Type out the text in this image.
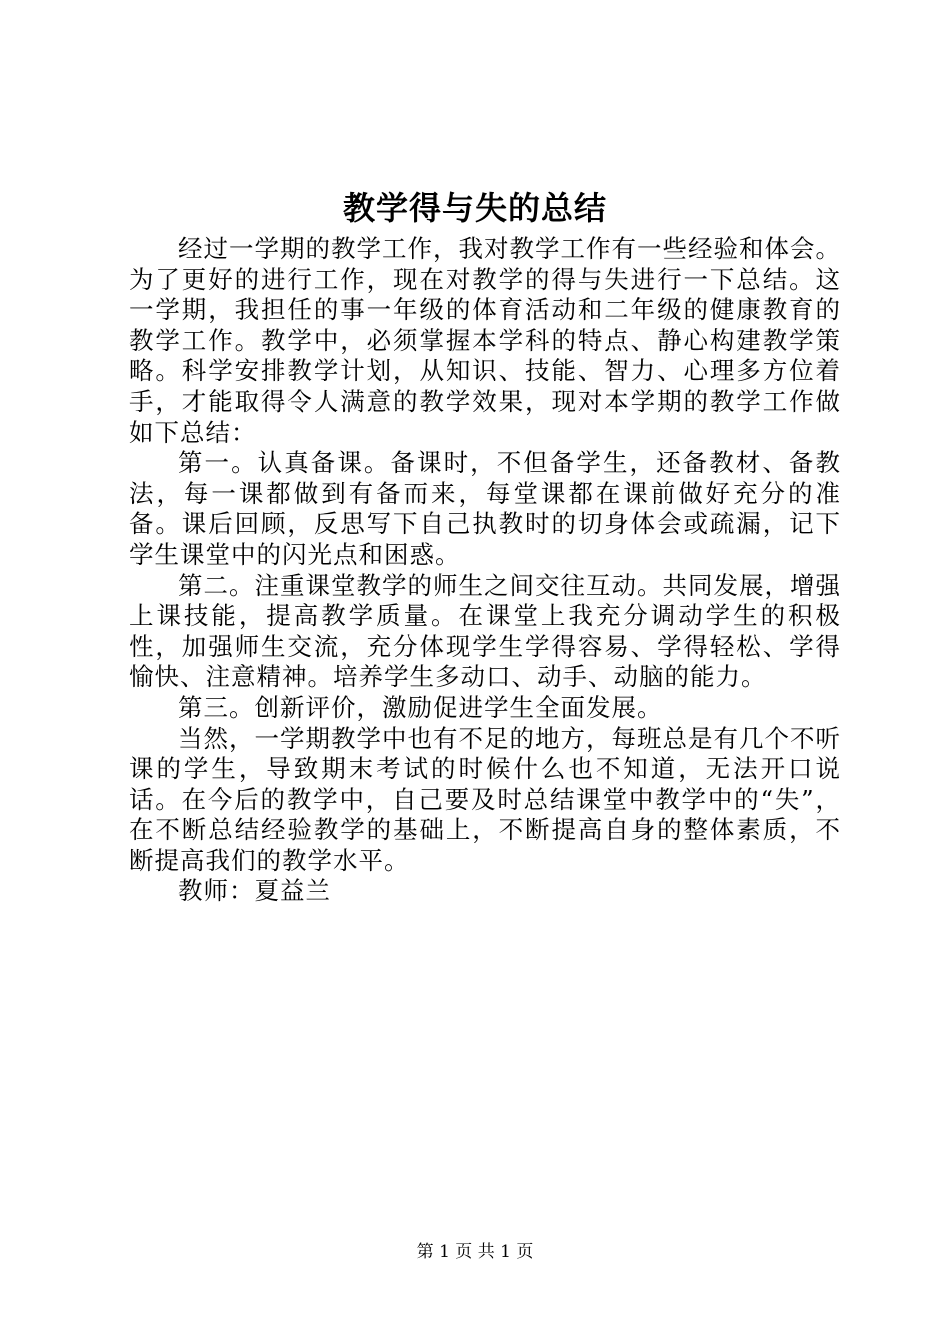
教学得与失的总结

经过一学期的教学工作，我对教学工作有一些经验和体会。为了更好的进行工作，现在对教学的得与失进行一下总结。这一学期，我担任的事一年级的体育活动和二年级的健康教育的教学工作。教学中，必须掌握本学科的特点、静心构建教学策略。科学安排教学计划，从知识、技能、智力、心理多方位着手，才能取得令人满意的教学效果，现对本学期的教学工作做如下总结：

第一。认真备课。备课时，不但备学生，还备教材、备教法，每一课都做到有备而来，每堂课都在课前做好充分的准备。课后回顾，反思写下自己执教时的切身体会或疏漏，记下学生课堂中的闪光点和困惑。

第二。注重课堂教学的师生之间交往互动。共同发展，增强上课技能，提高教学质量。在课堂上我充分调动学生的积极性，加强师生交流，充分体现学生学得容易、学得轻松、学得愉快、注意精神。培养学生多动口、动手、动脑的能力。

第三。创新评价，激励促进学生全面发展。

当然，一学期教学中也有不足的地方，每班总是有几个不听课的学生，导致期末考试的时候什么也不知道，无法开口说话。在今后的教学中，自己要及时总结课堂中教学中的“失”，在不断总结经验教学的基础上，不断提高自身的整体素质，不断提高我们的教学水平。

教师：夏益兰

第 1 页 共 1 页
